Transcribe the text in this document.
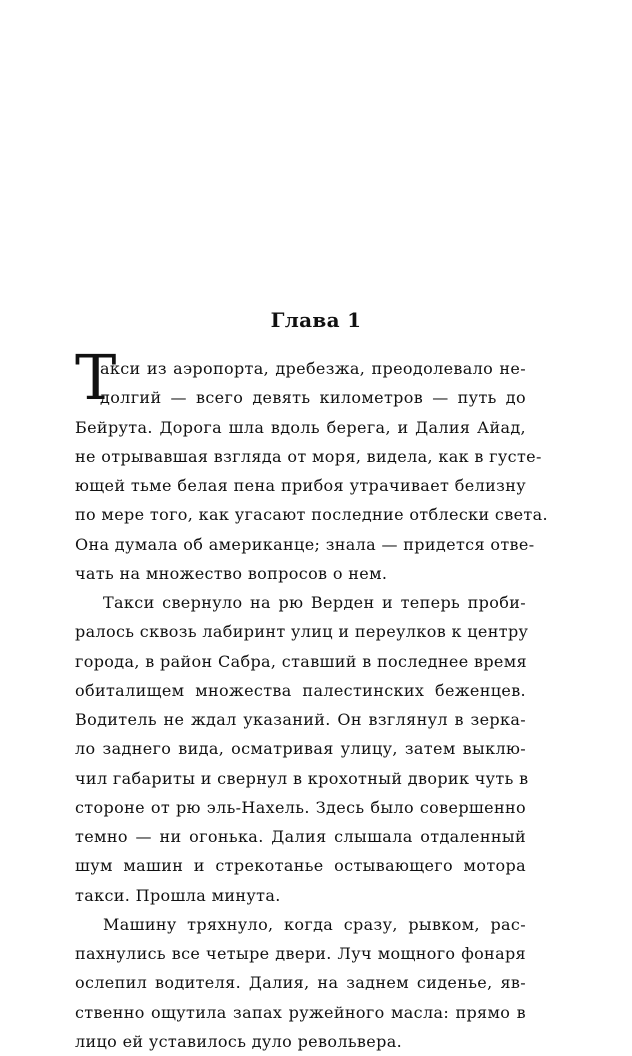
Глава 1
Т
акси из аэропорта, дребезжа, преодолевало не-
долгий — всего девять километров — путь до
Бейрута. Дорога шла вдоль берега, и Далия Айад,
не отрывавшая взгляда от моря, видела, как в густе-
ющей тьме белая пена прибоя утрачивает белизну
по мере того, как угасают последние отблески света.
Она думала об американце; знала — придется отве-
чать на множество вопросов о нем.
Такси свернуло на рю Верден и теперь проби-
ралось сквозь лабиринт улиц и переулков к центру
города, в район Сабра, ставший в последнее время
обиталищем множества палестинских беженцев.
Водитель не ждал указаний. Он взглянул в зерка-
ло заднего вида, осматривая улицу, затем выклю-
чил габариты и свернул в крохотный дворик чуть в
стороне от рю эль-Нахель. Здесь было совершенно
темно — ни огонька. Далия слышала отдаленный
шум машин и стрекотанье остывающего мотора
такси. Прошла минута.
Машину тряхнуло, когда сразу, рывком, рас-
пахнулись все четыре двери. Луч мощного фонаря
ослепил водителя. Далия, на заднем сиденье, яв-
ственно ощутила запах ружейного масла: прямо в
лицо ей уставилось дуло револьвера.
